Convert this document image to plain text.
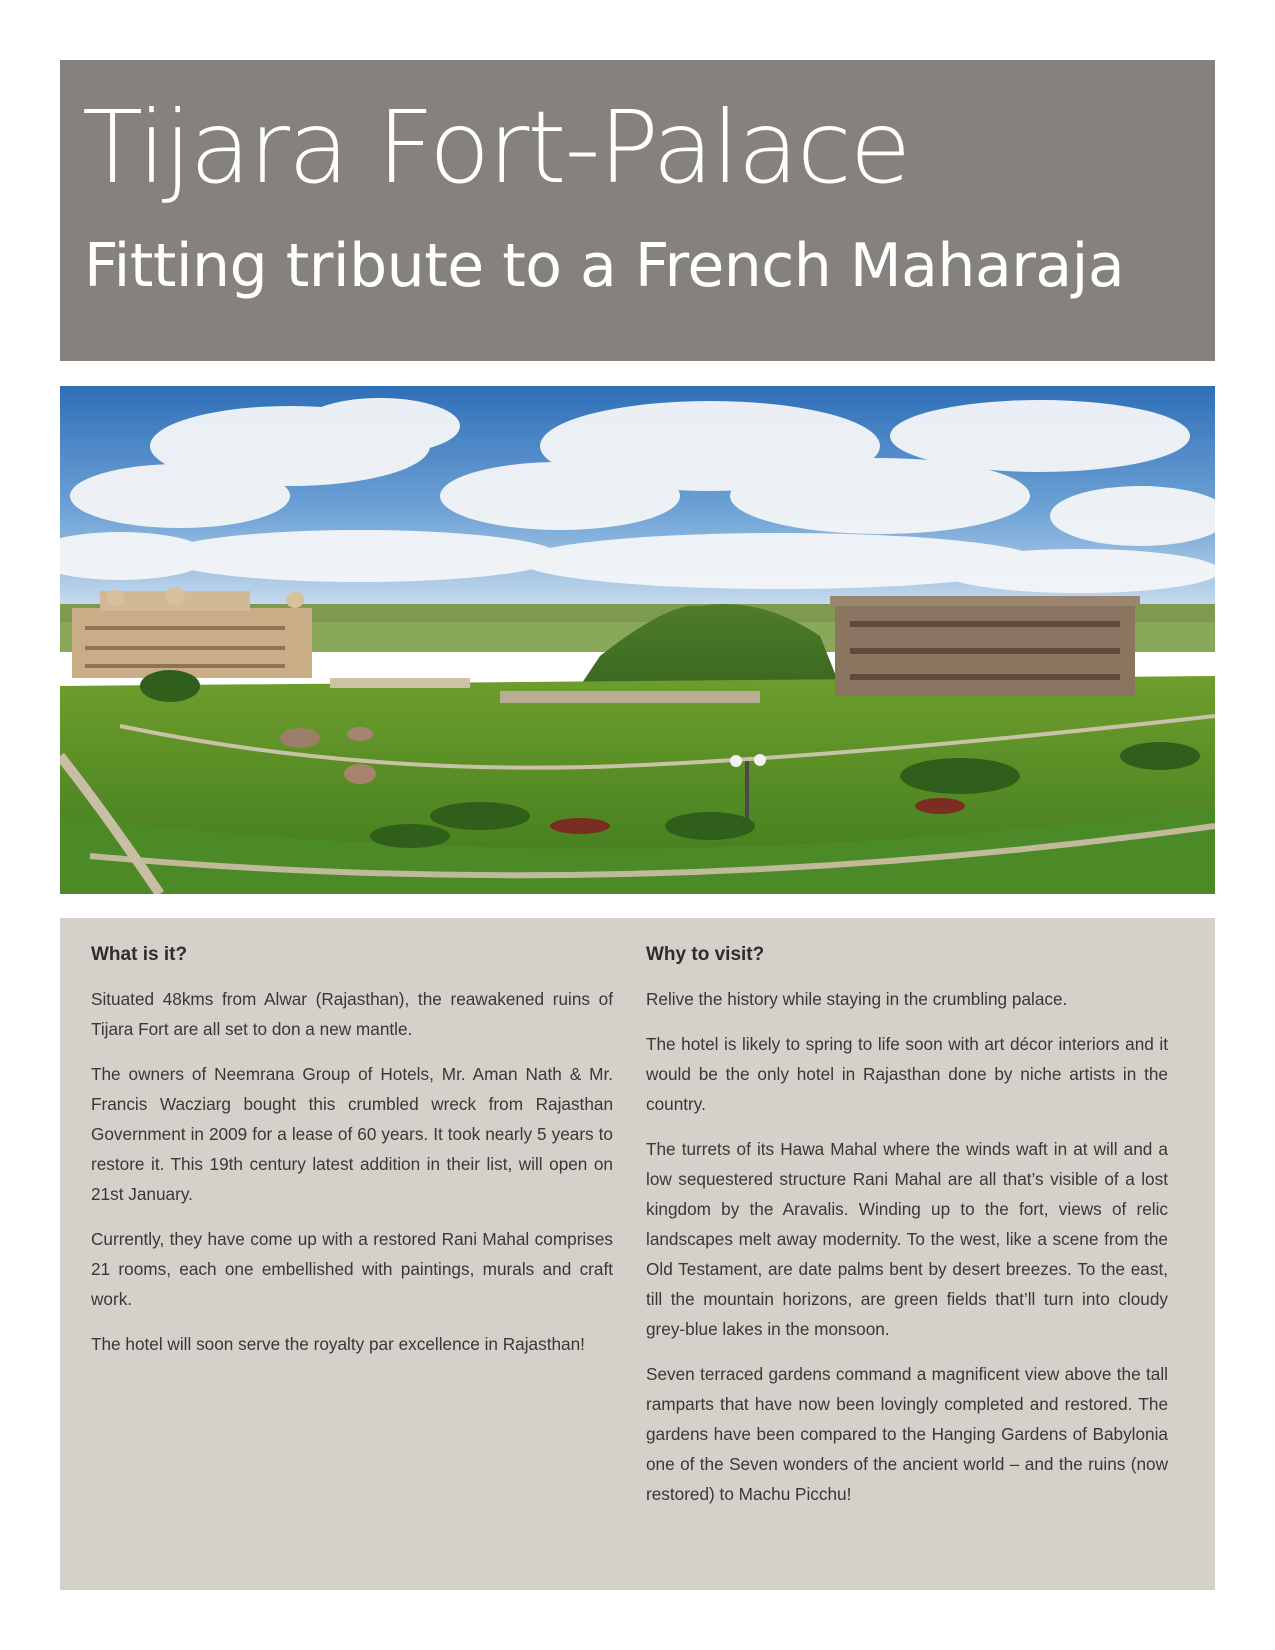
Tijara Fort-Palace
Fitting tribute to a French Maharaja
What is it?

Situated 48kms from Alwar (Rajasthan), the reawakened ruins of Tijara Fort are all set to don a new mantle.

The owners of Neemrana Group of Hotels, Mr. Aman Nath & Mr. Francis Wacziarg bought this crumbled wreck from Rajasthan Government in 2009 for a lease of 60 years. It took nearly 5 years to restore it. This 19th century latest addition in their list, will open on 21st January.

Currently, they have come up with a restored Rani Mahal comprises 21 rooms, each one embellished with paintings, murals and craft work.

The hotel will soon serve the royalty par excellence in Rajasthan!

Why to visit?

Relive the history while staying in the crumbling palace.

The hotel is likely to spring to life soon with art décor interiors and it would be the only hotel in Rajasthan done by niche artists in the country.

The turrets of its Hawa Mahal where the winds waft in at will and a low sequestered structure Rani Mahal are all that’s visible of a lost kingdom by the Aravalis. Winding up to the fort, views of relic landscapes melt away modernity. To the west, like a scene from the Old Testament, are date palms bent by desert breezes. To the east, till the mountain horizons, are green fields that’ll turn into cloudy grey-blue lakes in the monsoon.

Seven terraced gardens command a magnificent view above the tall ramparts that have now been lovingly completed and restored. The gardens have been compared to the Hanging Gardens of Babylonia one of the Seven wonders of the ancient world – and the ruins (now restored) to Machu Picchu!
